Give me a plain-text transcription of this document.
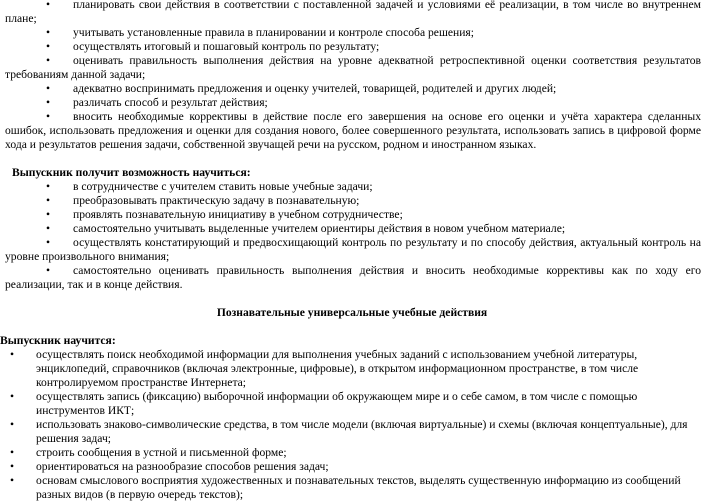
•	планировать свои действия в соответствии с поставленной задачей и условиями её реализации, в том числе во внутреннем плане;
•	учитывать установленные правила в планировании и контроле способа решения;
•	осуществлять итоговый и пошаговый контроль по результату;
•	оценивать правильность выполнения действия на уровне адекватной ретроспективной оценки соответствия результатов требованиям данной задачи;
•	адекватно воспринимать предложения и оценку учителей, товарищей, родителей и других людей;
•	различать способ и результат действия;
•	вносить необходимые коррективы в действие после его завершения на основе его оценки и учёта характера сделанных ошибок, использовать предложения и оценки для создания нового, более совершенного результата, использовать запись в цифровой форме хода и результатов решения задачи, собственной звучащей речи на русском, родном и иностранном языках.
Выпускник получит возможность научиться:
•	в сотрудничестве с учителем ставить новые учебные задачи;
•	преобразовывать практическую задачу в познавательную;
•	проявлять познавательную инициативу в учебном сотрудничестве;
•	самостоятельно учитывать выделенные учителем ориентиры действия в новом учебном материале;
•	осуществлять констатирующий и предвосхищающий контроль по результату и по способу действия, актуальный контроль на уровне произвольного внимания;
•	самостоятельно оценивать правильность выполнения действия и вносить необходимые коррективы как по ходу его реализации, так и в конце действия.
Познавательные универсальные учебные действия
Выпускник научится:
• осуществлять поиск необходимой информации для выполнения учебных заданий с использованием учебной литературы, энциклопедий, справочников (включая электронные, цифровые), в открытом информационном пространстве, в том числе контролируемом пространстве Интернета;
• осуществлять запись (фиксацию) выборочной информации об окружающем мире и о себе самом, в том числе с помощью инструментов ИКТ;
• использовать знаково-символические средства, в том числе модели (включая виртуальные) и схемы (включая концептуальные), для решения задач;
• строить сообщения в устной и письменной форме;
• ориентироваться на разнообразие способов решения задач;
• основам смыслового восприятия художественных и познавательных текстов, выделять существенную информацию из сообщений разных видов (в первую очередь текстов);
